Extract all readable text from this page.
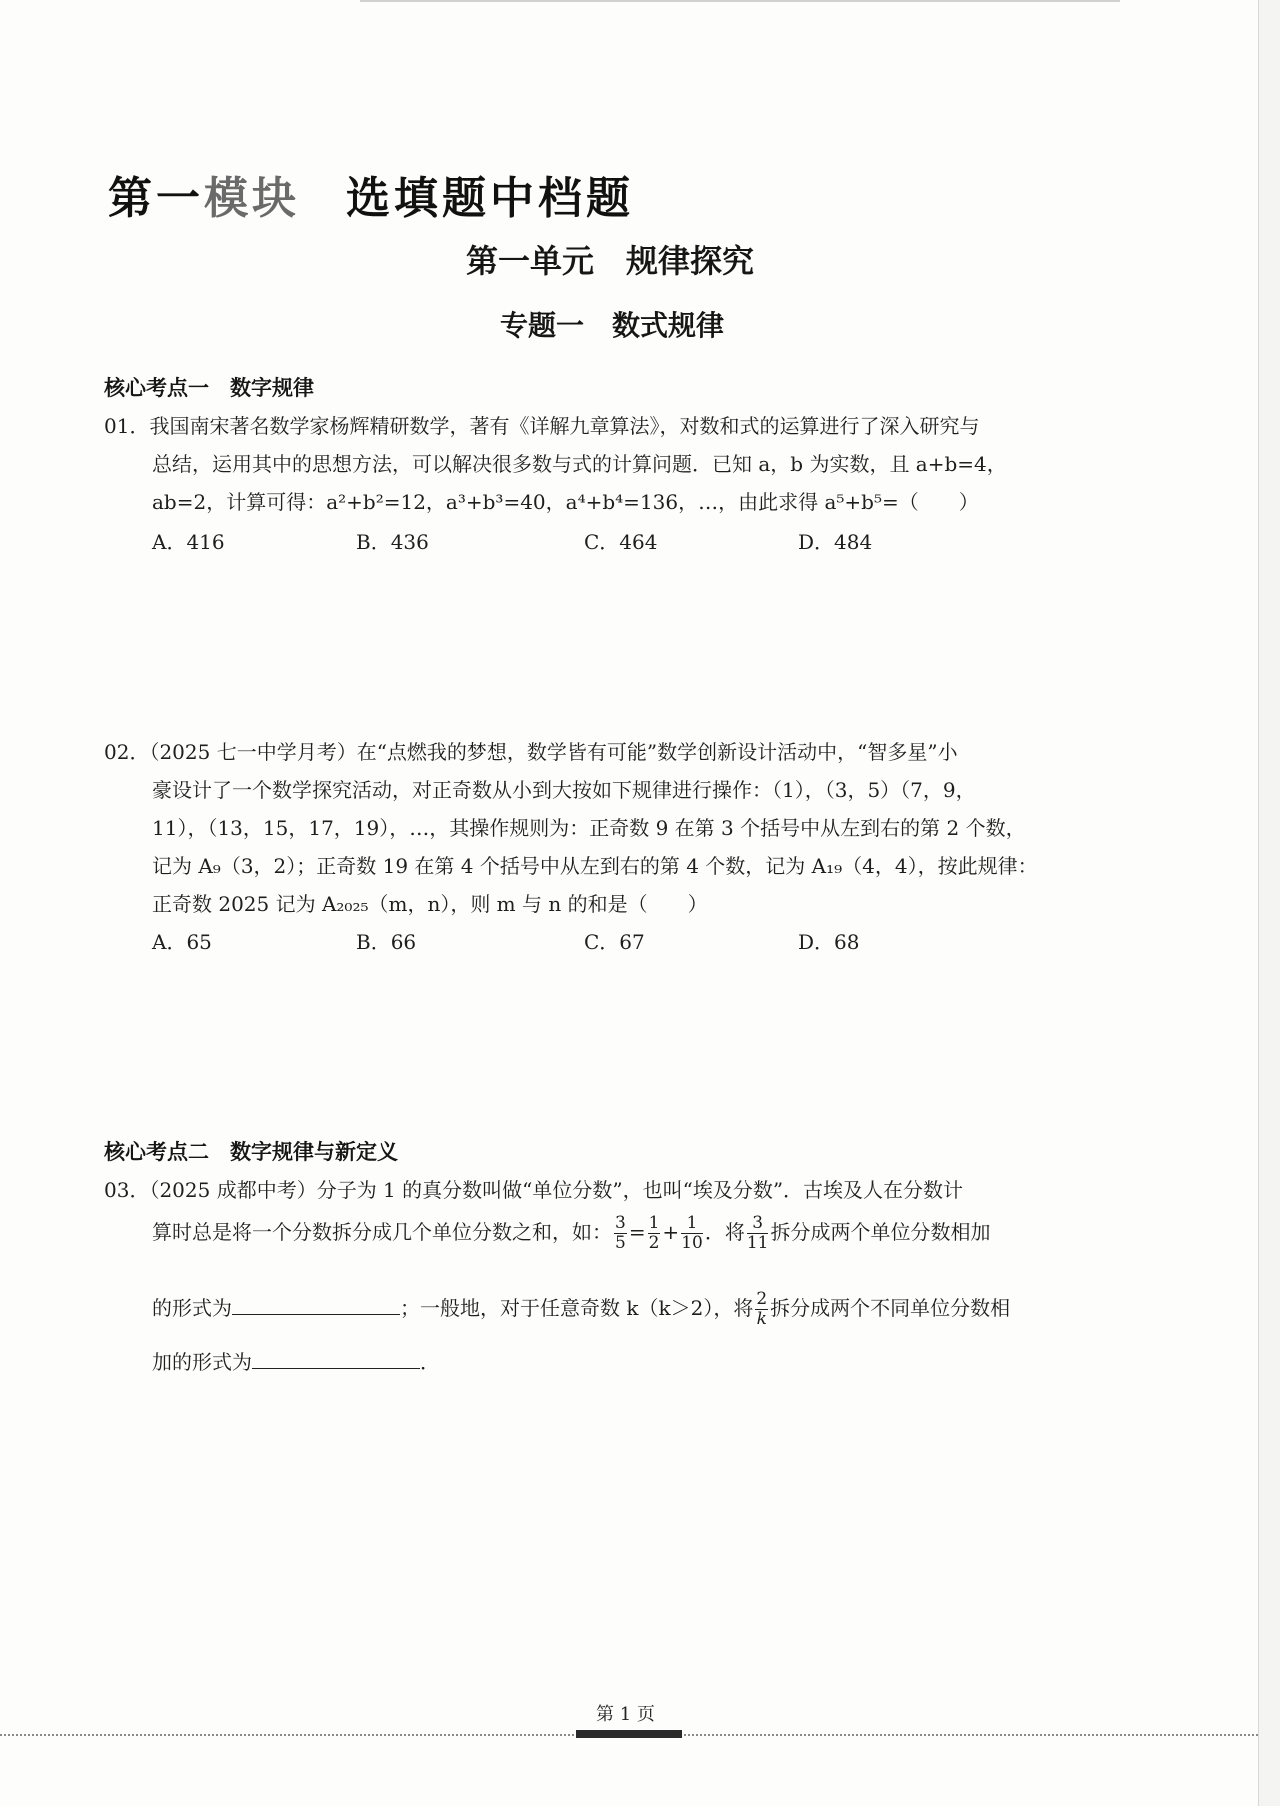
第一模块 选填题中档题
第一单元　规律探究
专题一　数式规律
核心考点一　数字规律
01．我国南宋著名数学家杨辉精研数学，著有《详解九章算法》，对数和式的运算进行了深入研究与
总结，运用其中的思想方法，可以解决很多数与式的计算问题．已知 a，b 为实数，且 a+b=4，
ab=2，计算可得：a²+b²=12，a³+b³=40，a⁴+b⁴=136，…，由此求得 a⁵+b⁵=（　　）
A．416	B．436	C．464	D．484
02．（2025 七一中学月考）在“点燃我的梦想，数学皆有可能”数学创新设计活动中，“智多星”小
豪设计了一个数学探究活动，对正奇数从小到大按如下规律进行操作：（1），（3，5）（7，9，
11），（13，15，17，19），…，其操作规则为：正奇数 9 在第 3 个括号中从左到右的第 2 个数，
记为 A₉（3，2）；正奇数 19 在第 4 个括号中从左到右的第 4 个数，记为 A₁₉（4，4），按此规律：
正奇数 2025 记为 A₂₀₂₅（m，n），则 m 与 n 的和是（　　）
A．65	B．66	C．67	D．68
核心考点二　数字规律与新定义
03．（2025 成都中考）分子为 1 的真分数叫做“单位分数”，也叫“埃及分数”．古埃及人在分数计
算时总是将一个分数拆分成几个单位分数之和，如： $\frac{3}{5} = \frac{1}{2} + \frac{1}{10}$ ．将 $\frac{3}{11}$ 拆分成两个单位分数相加
的形式为	；一般地，对于任意奇数 k（k＞2），将 $\frac{2}{k}$ 拆分成两个不同单位分数相
加的形式为	．
第 1 页
